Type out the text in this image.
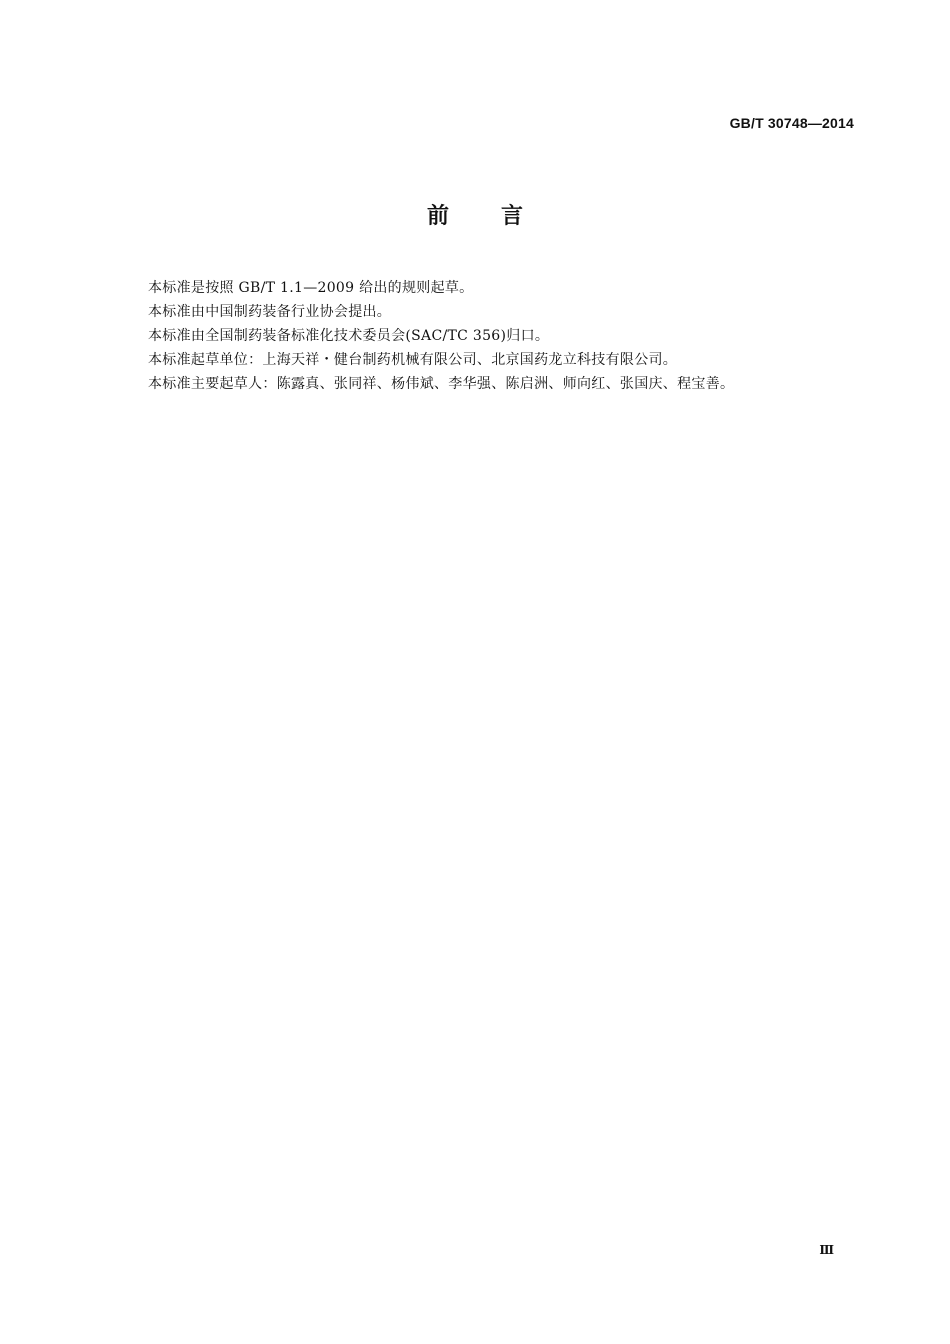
GB/T 30748—2014
前 言
本标准是按照 GB/T 1.1—2009 给出的规则起草。
本标准由中国制药装备行业协会提出。
本标准由全国制药装备标准化技术委员会(SAC/TC 356)归口。
本标准起草单位：上海天祥・健台制药机械有限公司、北京国药龙立科技有限公司。
本标准主要起草人：陈露真、张同祥、杨伟斌、李华强、陈启洲、师向红、张国庆、程宝善。
Ⅲ
